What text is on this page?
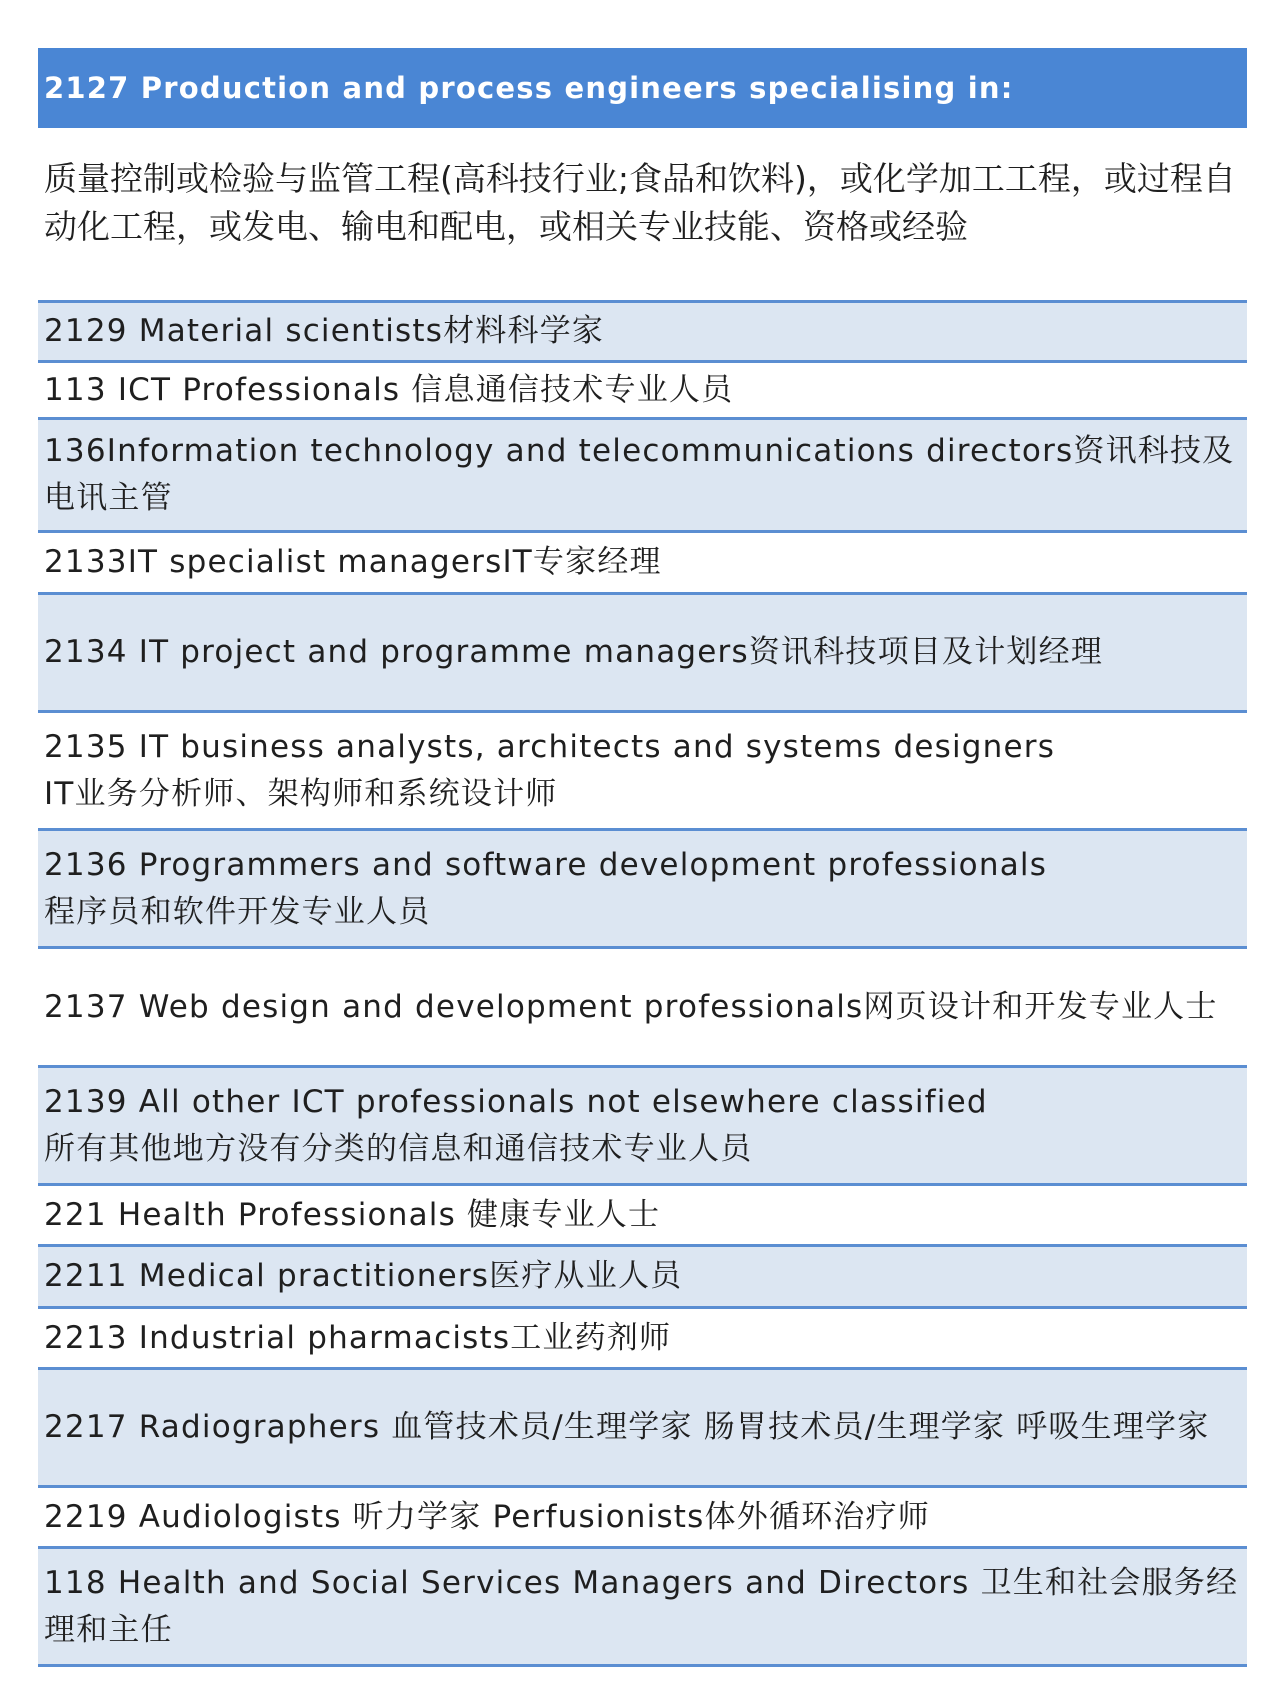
2127 Production and process engineers specialising in:
质量控制或检验与监管工程(高科技行业;食品和饮料)，或化学加工工程，或过程自动化工程，或发电、输电和配电，或相关专业技能、资格或经验
2129 Material scientists材料科学家
113 ICT Professionals 信息通信技术专业人员
136Information technology and telecommunications directors资讯科技及电讯主管
2133IT specialist managersIT专家经理
2134 IT project and programme managers资讯科技项目及计划经理
2135 IT business analysts, architects and systems designers
IT业务分析师、架构师和系统设计师
2136 Programmers and software development professionals
程序员和软件开发专业人员
2137 Web design and development professionals网页设计和开发专业人士
2139 All other ICT professionals not elsewhere classified
所有其他地方没有分类的信息和通信技术专业人员
221 Health Professionals 健康专业人士
2211 Medical practitioners医疗从业人员
2213 Industrial pharmacists工业药剂师
2217 Radiographers 血管技术员/生理学家 肠胃技术员/生理学家 呼吸生理学家
2219 Audiologists 听力学家 Perfusionists体外循环治疗师
118 Health and Social Services Managers and Directors 卫生和社会服务经理和主任
